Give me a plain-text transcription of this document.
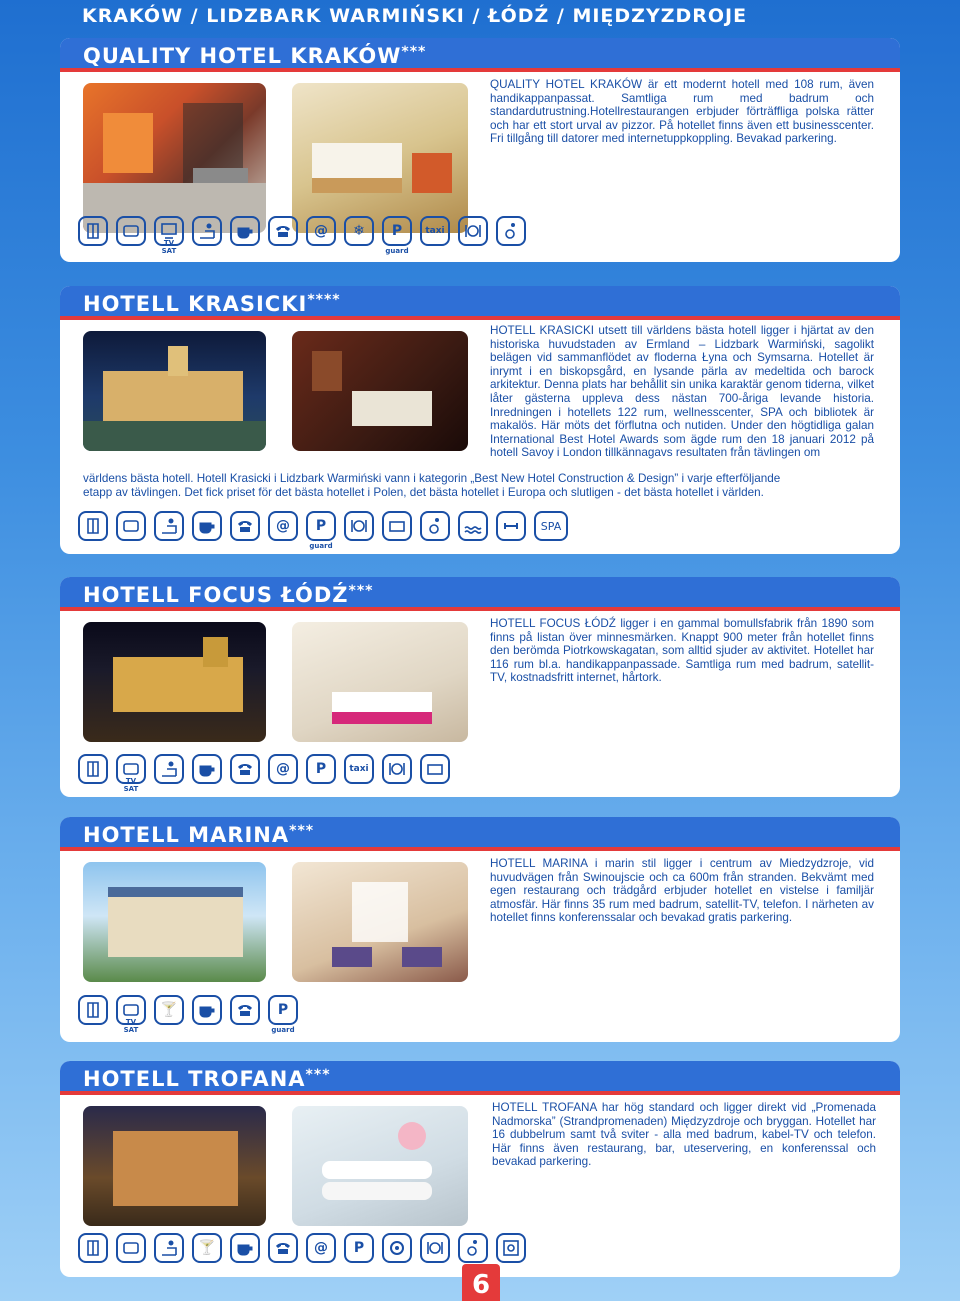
KRAKÓW / LIDZBARK WARMIŃSKI / ŁÓDŹ / MIĘDZYZDROJE
QUALITY HOTEL KRAKÓW***
QUALITY HOTEL KRAKÓW är ett modernt hotell med 108 rum, även handikappanpassat. Samtliga rum med badrum och standardutrustning.Hotellrestaurangen erbjuder förträffliga polska rätter och har ett stort urval av pizzor. På hotellet finns även ett businesscenter. Fri tillgång till datorer med internetuppkoppling. Bevakad parkering.
TV SAT
@	❄	P
guard
taxi
HOTELL KRASICKI****
HOTELL KRASICKI utsett till världens bästa hotell ligger i hjärtat av den historiska huvudstaden av Ermland – Lidzbark Warmiński, sagolikt belägen vid sammanflödet av floderna Łyna och Symsarna. Hotellet är inrymt i en biskopsgård, en lysande pärla av medeltida och barock arkitektur. Denna plats har behållit sin unika karaktär genom tiderna, vilket låter gästerna uppleva dess nästan 700-åriga levande historia. Inredningen i hotellets 122 rum, wellnesscenter, SPA och bibliotek är makalös. Här möts det förflutna och nutiden. Under den högtidliga galan International Best Hotel Awards som ägde rum den 18 januari 2012 på hotell Savoy i London tillkännagavs resultaten från tävlingen om
världens bästa hotell. Hotell Krasicki i Lidzbark Warmiński vann i kategorin „Best New Hotel Construction & Design” i varje efterföljande
etapp av tävlingen. Det fick priset för det bästa hotellet i Polen, det bästa hotellet i Europa och slutligen - det bästa hotellet i världen.
@	P
guard
SPA
HOTELL FOCUS ŁÓDŹ***
HOTELL FOCUS ŁÓDŹ ligger i en gammal bomullsfabrik från 1890 som finns på listan över minnesmärken. Knappt 900 meter från hotellet finns den berömda Piotrkowskagatan, som alltid sjuder av aktivitet. Hotellet har 116 rum bl.a. handikappanpassade. Samtliga rum med badrum, satellit-TV, kostnadsfritt internet, hårtork.
TV SAT
@	P	taxi
HOTELL MARINA***
HOTELL MARINA i marin stil ligger i centrum av Miedzydzroje, vid huvudvägen från Swinoujscie och ca 600m från stranden. Bekvämt med egen restaurang och trädgård erbjuder hotellet en vistelse i familjär atmosfär. Här finns 35 rum med badrum, satellit-TV, telefon. I närheten av hotellet finns konferenssalar och bevakad gratis parkering.
TV SAT
🍸	P
guard
HOTELL TROFANA***
HOTELL TROFANA har hög standard och ligger direkt vid „Promenada Nadmorska” (Strandpromenaden) Międzyzdroje och bryggan. Hotellet har 16 dubbelrum samt två sviter - alla med badrum, kabel-TV och telefon. Här finns även restaurang, bar, uteservering, en konferenssal och bevakad parkering.
🍸	@	P
6
